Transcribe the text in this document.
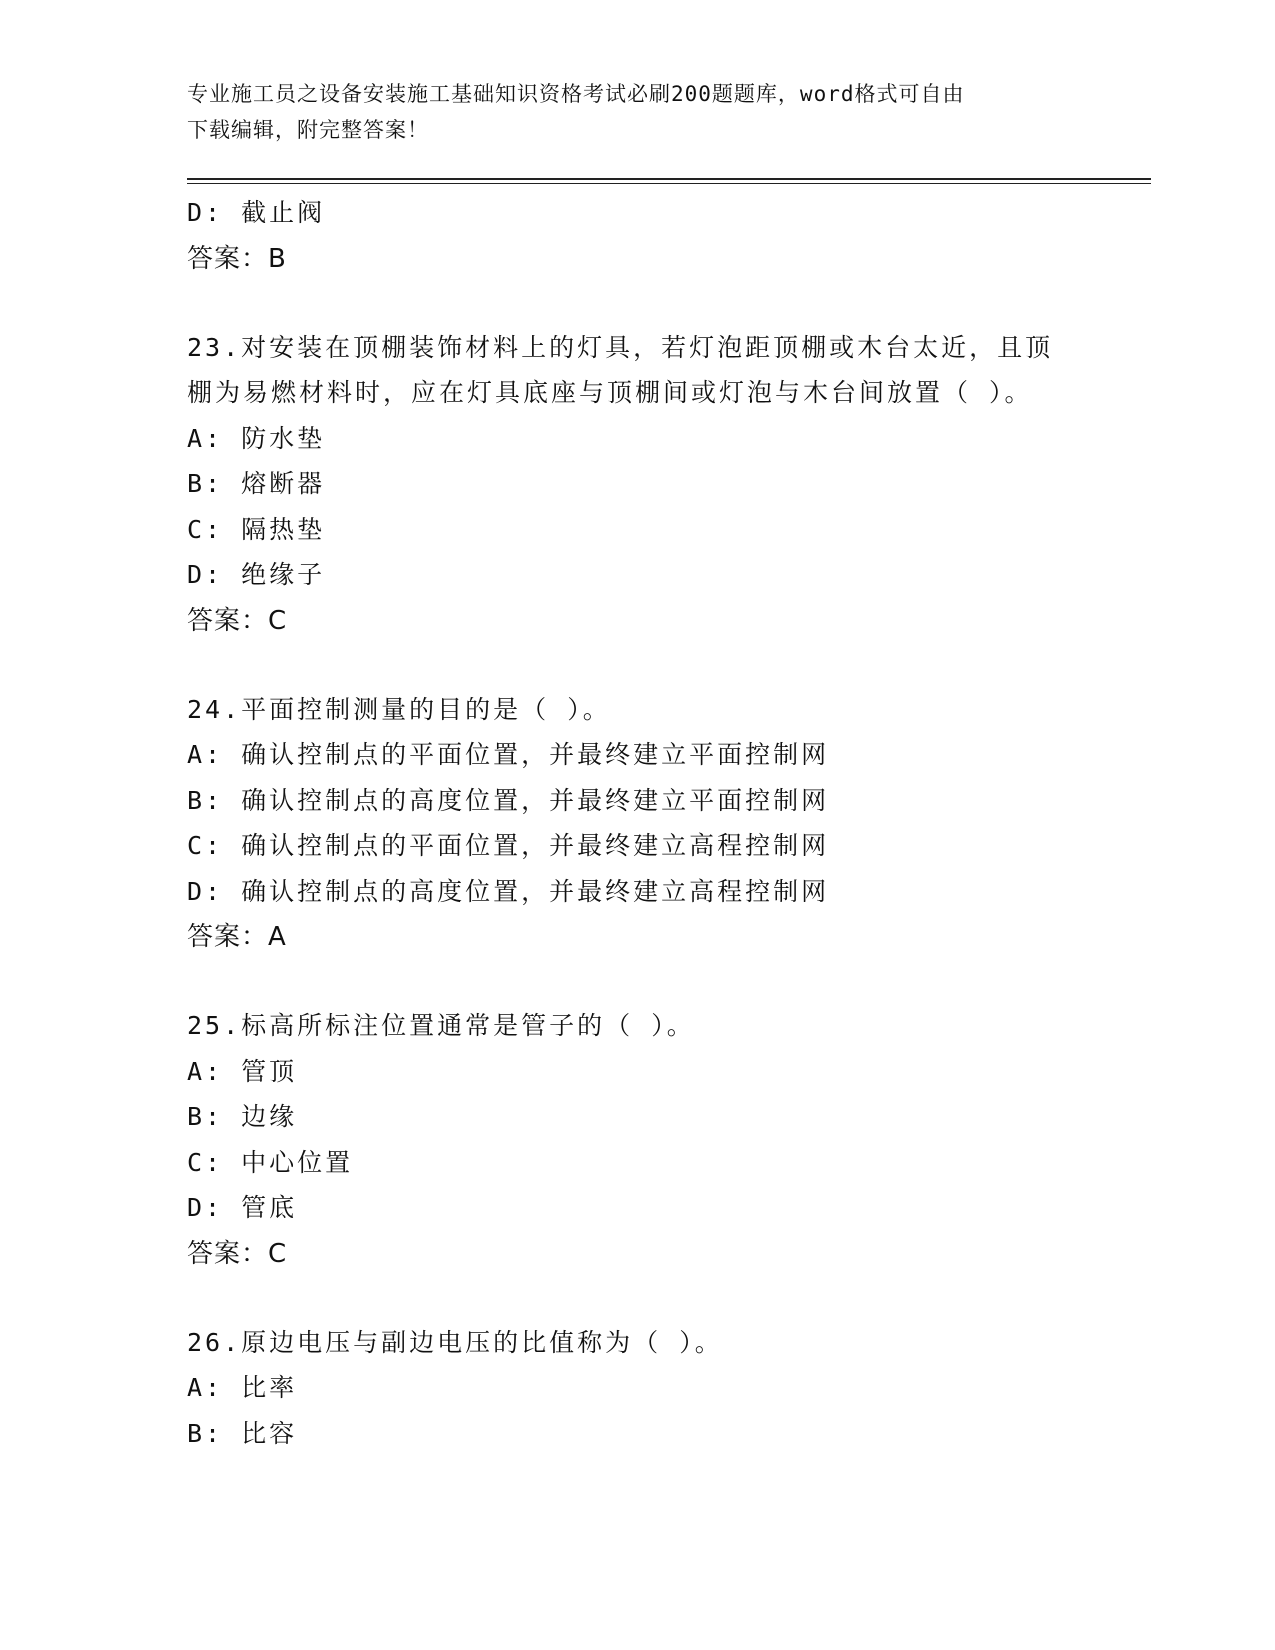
专业施工员之设备安装施工基础知识资格考试必刷200题题库，word格式可自由
下载编辑，附完整答案！
D: 截止阀
答案：B
23.对安装在顶棚装饰材料上的灯具，若灯泡距顶棚或木台太近，且顶
棚为易燃材料时，应在灯具底座与顶棚间或灯泡与木台间放置（ ）。
A: 防水垫
B: 熔断器
C: 隔热垫
D: 绝缘子
答案：C
24.平面控制测量的目的是（ ）。
A: 确认控制点的平面位置，并最终建立平面控制网
B: 确认控制点的高度位置，并最终建立平面控制网
C: 确认控制点的平面位置，并最终建立高程控制网
D: 确认控制点的高度位置，并最终建立高程控制网
答案：A
25.标高所标注位置通常是管子的（ ）。
A: 管顶
B: 边缘
C: 中心位置
D: 管底
答案：C
26.原边电压与副边电压的比值称为（ ）。
A: 比率
B: 比容
